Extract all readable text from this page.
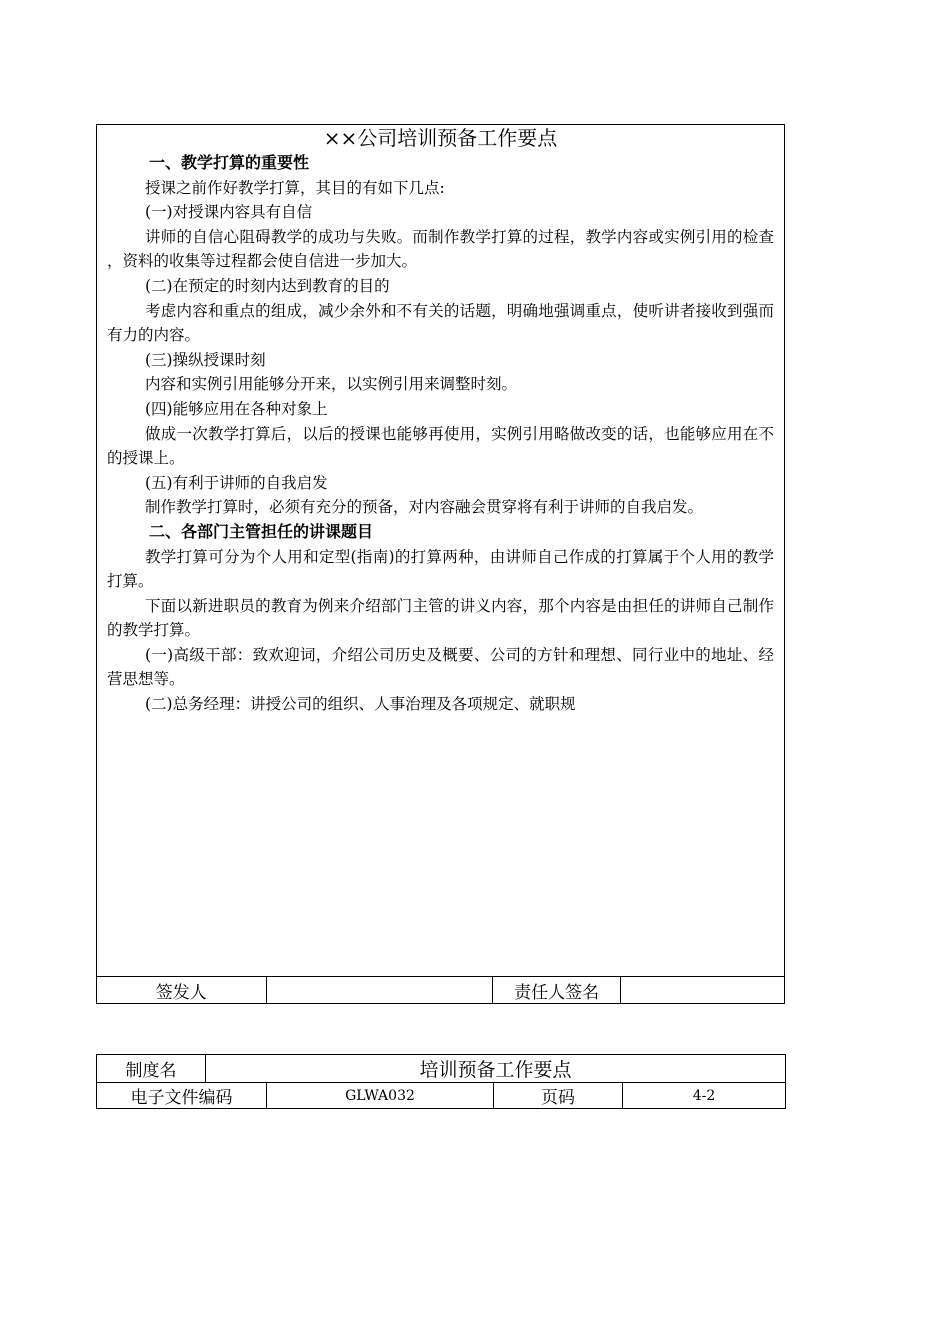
××公司培训预备工作要点

一、教学打算的重要性

授课之前作好教学打算，其目的有如下几点:

(一)对授课内容具有自信

讲师的自信心阻碍教学的成功与失败。而制作教学打算的过程，教学内容或实例引用的检查 ，资料的收集等过程都会使自信进一步加大。

(二)在预定的时刻内达到教育的目的

考虑内容和重点的组成，减少余外和不有关的话题，明确地强调重点，使听讲者接收到强而 有力的内容。

(三)操纵授课时刻

内容和实例引用能够分开来，以实例引用来调整时刻。

(四)能够应用在各种对象上

做成一次教学打算后，以后的授课也能够再使用，实例引用略做改变的话，也能够应用在不 的授课上。

(五)有利于讲师的自我启发

制作教学打算时，必须有充分的预备，对内容融会贯穿将有利于讲师的自我启发。

二、各部门主管担任的讲课题目

教学打算可分为个人用和定型(指南)的打算两种，由讲师自己作成的打算属于个人用的教学 打算。

下面以新进职员的教育为例来介绍部门主管的讲义内容，那个内容是由担任的讲师自己制作 的教学打算。

(一)高级干部：致欢迎词，介绍公司历史及概要、公司的方针和理想、同行业中的地址、经 营思想等。

(二)总务经理：讲授公司的组织、人事治理及各项规定、就职规

签发人	责任人签名
制度名	培训预备工作要点			
电子文件编码		GLWA032	页码	4-2
